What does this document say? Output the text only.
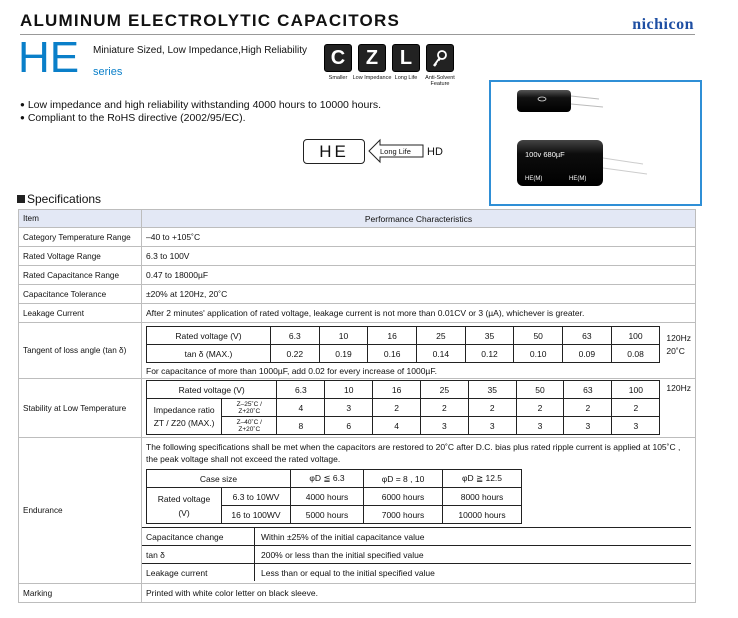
ALUMINUM ELECTROLYTIC CAPACITORS	nichicon
HE Miniature Sized, Low Impedance,High Reliability
series
C
Smaller
Z
Low Impedance
L
Long Life	Anti-Solvent Feature
● Low impedance and high reliability withstanding 4000 hours to 10000 hours.
● Compliant to the RoHS directive (2002/95/EC).
HE	Long Life HD	100v 680µF
HE(M)	HE(M)
Specifications
Item	Performance Characteristics
Category Temperature Range	–40 to +105˚C
Rated Voltage Range	6.3 to 100V
Rated Capacitance Range	0.47 to 18000µF
Capacitance Tolerance	±20% at 120Hz, 20˚C
Leakage Current	After 2 minutes' application of rated voltage, leakage current is not more than 0.01CV or 3 (µA), whichever is greater.
Tangent of loss angle (tan δ)	
Rated voltage (V)	6.3	10	16	25	35	50	63	100
tan δ (MAX.)	0.22	0.19	0.16	0.14	0.12	0.10	0.09	0.08
120Hz
20˚C
For capacitance of more than 1000µF, add 0.02 for every increase of 1000µF.

Stability at Low Temperature	
Rated voltage (V)	6.3	10	16	25	35	50	63	100

Impedance ratio
ZT / Z20 (MAX.)
	Z–25˚C / Z+20˚C	4	3	2	2	2	2	2	2
Z–40˚C / Z+20˚C	8	6	4	3	3	3	3	3
120Hz

Endurance	
The following specifications shall be met when the capacitors are restored to 20˚C after D.C. bias plus rated ripple current is applied at 105˚C , the peak voltage shall not exceed the rated voltage.
Case size	φD ≦ 6.3	φD = 8 , 10	φD ≧ 12.5

Rated voltage
(V)
	6.3 to 10WV	4000 hours	6000 hours	8000 hours
16 to 100WV	5000 hours	7000 hours	10000 hours
Capacitance change	Within ±25% of the initial capacitance value
tan δ	200% or less than the initial specified value
Leakage current	Less than or equal to the initial specified value

Marking	Printed with white color letter on black sleeve.
